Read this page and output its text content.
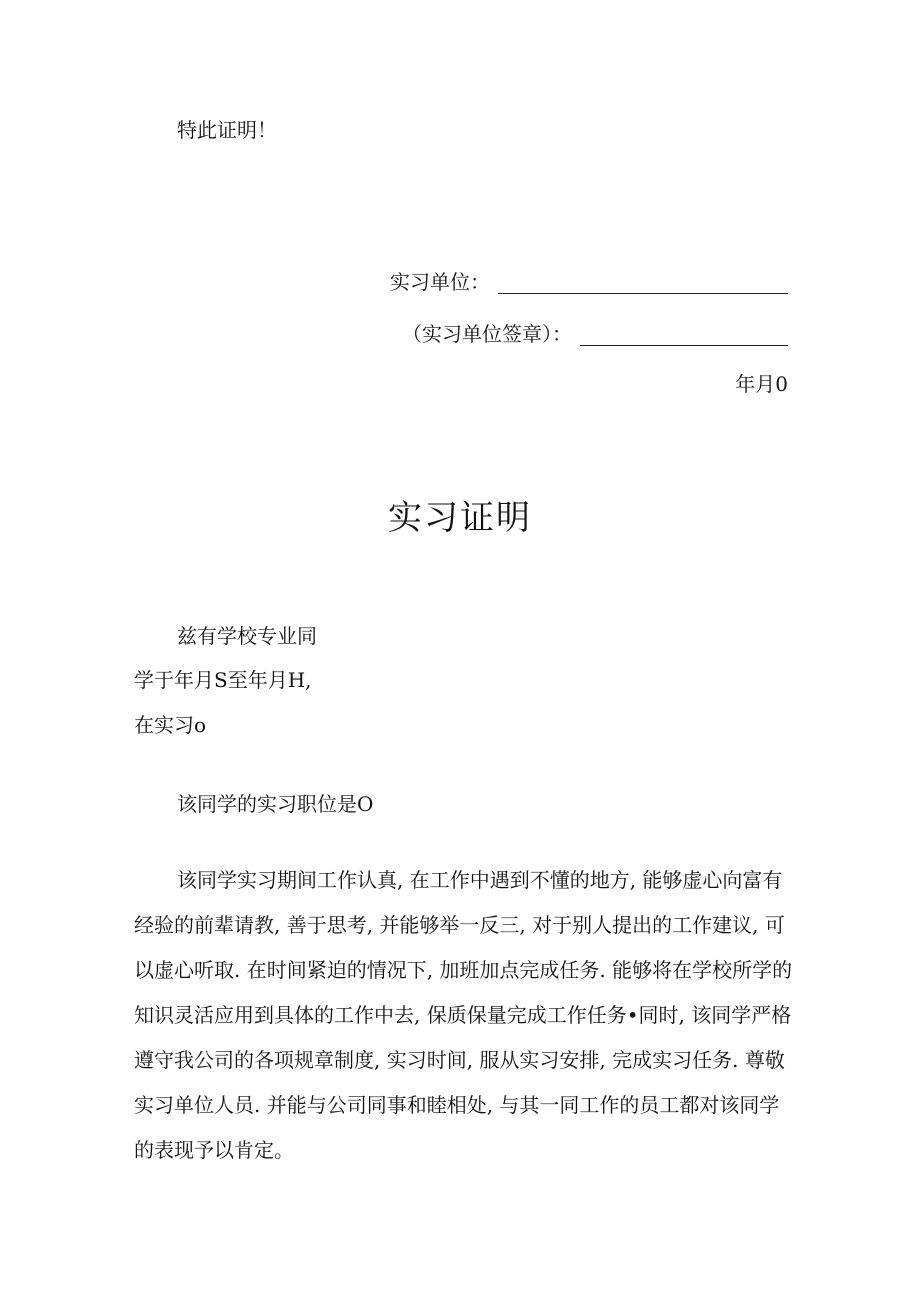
特此证明！
实习单位：
（实习单位签章）：
年月0
实习证明
兹有学校专业同
学于年月S至年月H,
在实习o
该同学的实习职位是O
该同学实习期间工作认真, 在工作中遇到不懂的地方, 能够虚心向富有
经验的前辈请教, 善于思考, 并能够举一反三, 对于别人提出的工作建议, 可
以虚心听取. 在时间紧迫的情况下, 加班加点完成任务. 能够将在学校所学的
知识灵活应用到具体的工作中去, 保质保量完成工作任务•同时, 该同学严格
遵守我公司的各项规章制度, 实习时间, 服从实习安排, 完成实习任务. 尊敬
实习单位人员. 并能与公司同事和睦相处, 与其一同工作的员工都对该同学
的表现予以肯定。
